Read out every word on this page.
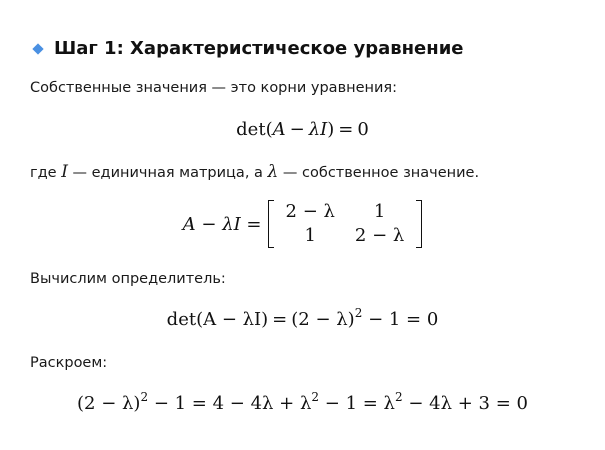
Шаг 1: Характеристическое уравнение
Собственные значения — это корни уравнения:
det(A − λI) = 0
где I — единичная матрица, а λ — собственное значение.
A − λI =
2 − λ	1
1	2 − λ
Вычислим определитель:
$\det(A - \lambda I) = (2 - \lambda)^2 - 1 = 0$
Раскроем:
$(2 - \lambda)^2 - 1 = 4 - 4\lambda + \lambda^2 - 1 = \lambda^2 - 4\lambda + 3 = 0$
